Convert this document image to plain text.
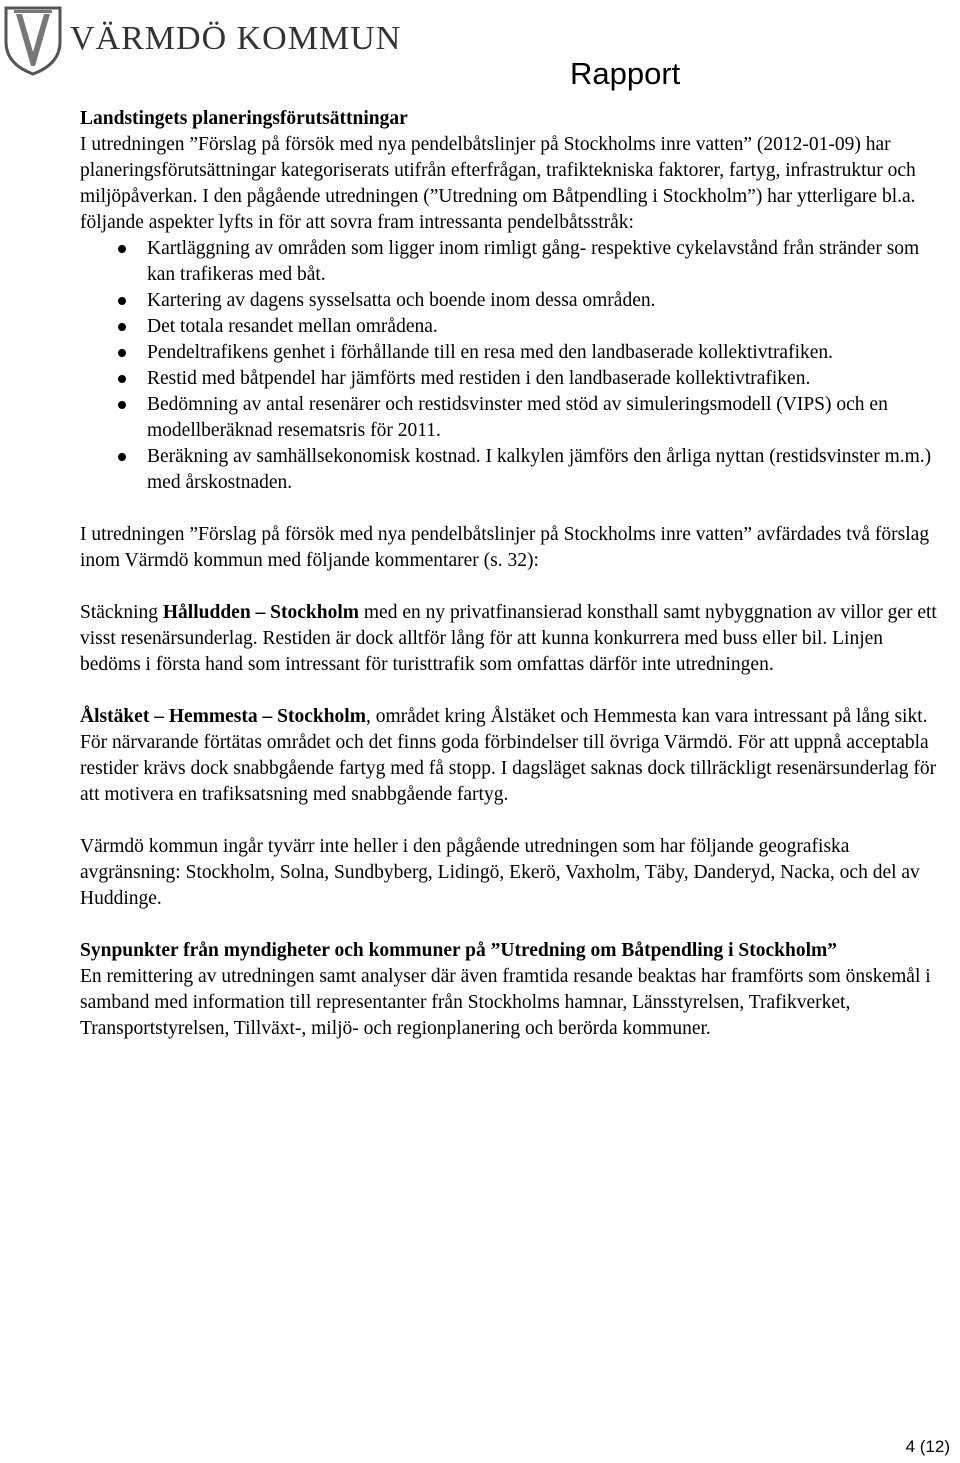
VÄRMDÖ KOMMUN
Rapport

Landstingets planeringsförutsättningar

I utredningen ”Förslag på försök med nya pendelbåtslinjer på Stockholms inre vatten” (2012-01-09) har planeringsförutsättningar kategoriserats utifrån efterfrågan, trafiktekniska faktorer, fartyg, infrastruktur och miljöpåverkan. I den pågående utredningen (”Utredning om Båtpendling i Stockholm”) har ytterligare bl.a. följande aspekter lyfts in för att sovra fram intressanta pendelbåtsstråk:

Kartläggning av områden som ligger inom rimligt gång- respektive cykelavstånd från stränder som kan trafikeras med båt.
Kartering av dagens sysselsatta och boende inom dessa områden.
Det totala resandet mellan områdena.
Pendeltrafikens genhet i förhållande till en resa med den landbaserade kollektivtrafiken.
Restid med båtpendel har jämförts med restiden i den landbaserade kollektivtrafiken.
Bedömning av antal resenärer och restidsvinster med stöd av simuleringsmodell (VIPS) och en modellberäknad resematsris för 2011.
Beräkning av samhällsekonomisk kostnad. I kalkylen jämförs den årliga nyttan (restidsvinster m.m.) med årskostnaden.

I utredningen ”Förslag på försök med nya pendelbåtslinjer på Stockholms inre vatten” avfärdades två förslag inom Värmdö kommun med följande kommentarer (s. 32):

Stäckning Hålludden – Stockholm med en ny privatfinansierad konsthall samt nybyggnation av villor ger ett visst resenärsunderlag. Restiden är dock alltför lång för att kunna konkurrera med buss eller bil. Linjen bedöms i första hand som intressant för turisttrafik som omfattas därför inte utredningen.

Ålstäket – Hemmesta – Stockholm, området kring Ålstäket och Hemmesta kan vara intressant på lång sikt. För närvarande förtätas området och det finns goda förbindelser till övriga Värmdö. För att uppnå acceptabla restider krävs dock snabbgående fartyg med få stopp. I dagsläget saknas dock tillräckligt resenärsunderlag för att motivera en trafiksatsning med snabbgående fartyg.

Värmdö kommun ingår tyvärr inte heller i den pågående utredningen som har följande geografiska avgränsning: Stockholm, Solna, Sundbyberg, Lidingö, Ekerö, Vaxholm, Täby, Danderyd, Nacka, och del av Huddinge.

Synpunkter från myndigheter och kommuner på ”Utredning om Båtpendling i Stockholm”

En remittering av utredningen samt analyser där även framtida resande beaktas har framförts som önskemål i samband med information till representanter från Stockholms hamnar, Länsstyrelsen, Trafikverket, Transportstyrelsen, Tillväxt-, miljö- och regionplanering och berörda kommuner.

4 (12)
